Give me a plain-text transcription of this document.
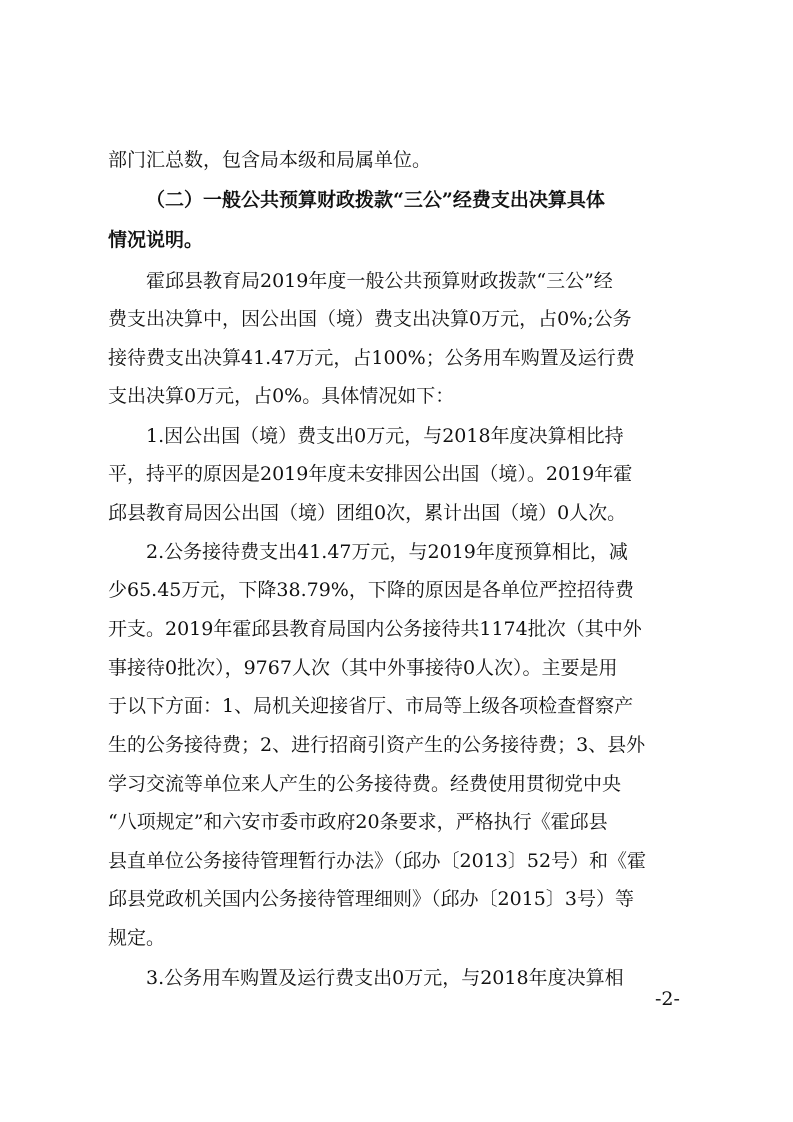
部门汇总数，包含局本级和局属单位。

（二）一般公共预算财政拨款“三公”经费支出决算具体

情况说明。

霍邱县教育局2019年度一般公共预算财政拨款“三公”经

费支出决算中，因公出国（境）费支出决算0万元，占0%;公务

接待费支出决算41.47万元，占100%；公务用车购置及运行费

支出决算0万元，占0%。具体情况如下：

1.因公出国（境）费支出0万元，与2018年度决算相比持

平，持平的原因是2019年度未安排因公出国（境）。2019年霍

邱县教育局因公出国（境）团组0次，累计出国（境）0人次。

2.公务接待费支出41.47万元，与2019年度预算相比，减

少65.45万元，下降38.79%，下降的原因是各单位严控招待费

开支。2019年霍邱县教育局国内公务接待共1174批次（其中外

事接待0批次），9767人次（其中外事接待0人次）。主要是用

于以下方面：1、局机关迎接省厅、市局等上级各项检查督察产

生的公务接待费；2、进行招商引资产生的公务接待费；3、县外

学习交流等单位来人产生的公务接待费。经费使用贯彻党中央

“八项规定”和六安市委市政府20条要求，严格执行《霍邱县

县直单位公务接待管理暂行办法》（邱办〔2013〕52号）和《霍

邱县党政机关国内公务接待管理细则》（邱办〔2015〕3号）等

规定。

3.公务用车购置及运行费支出0万元，与2018年度决算相

-2-
